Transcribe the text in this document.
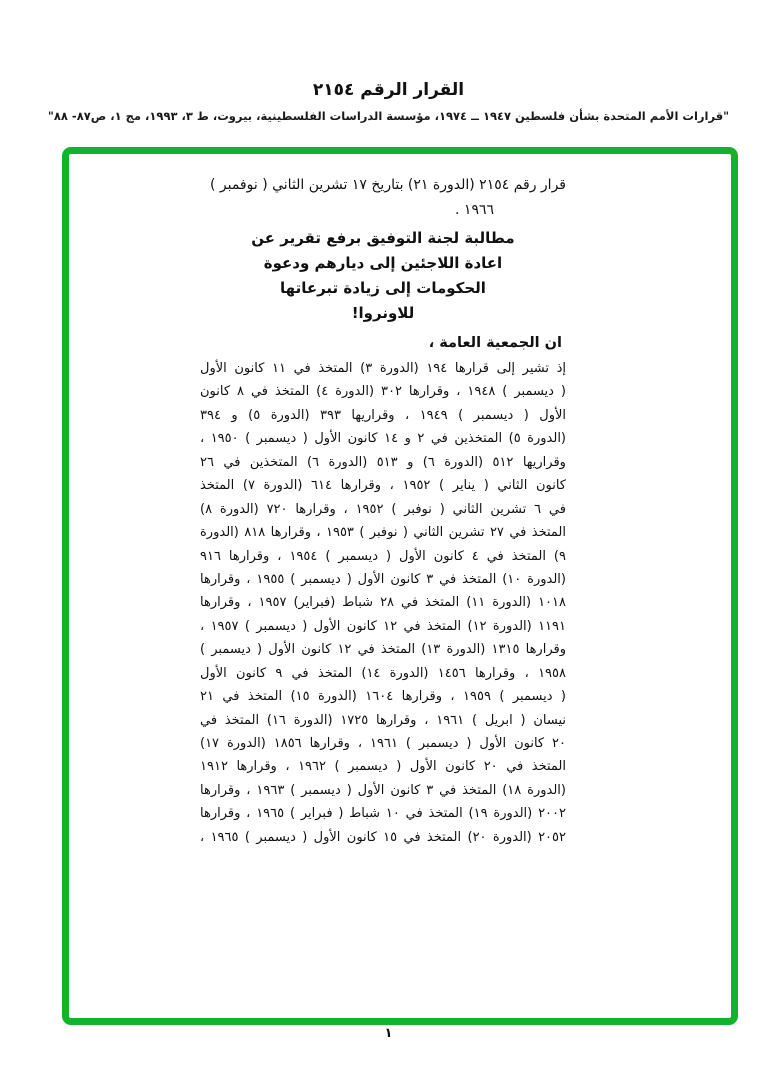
القرار الرقم ٢١٥٤
"قرارات الأمم المتحدة بشأن فلسطين ١٩٤٧ ــ ١٩٧٤، مؤسسة الدراسات الفلسطينية، بيروت، ط ٣، ١٩٩٣، مج ١، ص٨٧- ٨٨"
قرار رقم ٢١٥٤ (الدورة ٢١) بتاريخ ١٧ تشرين الثاني ( نوفمبر )
١٩٦٦ .
مطالبة لجنة التوفيق برفع تقرير عن
اعادة اللاجئين إلى ديارهم ودعوة
الحكومات إلى زيادة تبرعاتها
للاونروا!
ان الجمعية العامة ،
إذ تشير إلى قرارها ١٩٤ (الدورة ٣) المتخذ في ١١ كانون الأول
( ديسمبر ) ١٩٤٨ ، وقرارها ٣٠٢ (الدورة ٤) المتخذ في ٨ كانون
الأول ( ديسمبر ) ١٩٤٩ ، وقراريها ٣٩٣ (الدورة ٥) و ٣٩٤
(الدورة ٥) المتخذين في ٢ و ١٤ كانون الأول ( ديسمبر ) ١٩٥٠ ،
وقراريها ٥١٢ (الدورة ٦) و ٥١٣ (الدورة ٦) المتخذين في ٢٦
كانون الثاني ( يناير ) ١٩٥٢ ، وقرارها ٦١٤ (الدورة ٧) المتخذ
في ٦ تشرين الثاني ( نوفبر ) ١٩٥٢ ، وقرارها ٧٢٠ (الدورة ٨)
المتخذ في ٢٧ تشرين الثاني ( نوفبر ) ١٩٥٣ ، وقرارها ٨١٨ (الدورة
٩) المتخذ في ٤ كانون الأول ( ديسمبر ) ١٩٥٤ ، وقرارها ٩١٦
(الدورة ١٠) المتخذ في ٣ كانون الأول ( ديسمبر ) ١٩٥٥ ، وقرارها
١٠١٨ (الدورة ١١) المتخذ في ٢٨ شباط (فبراير) ١٩٥٧ ، وقرارها
١١٩١ (الدورة ١٢) المتخذ في ١٢ كانون الأول ( ديسمبر ) ١٩٥٧ ،
وقرارها ١٣١٥ (الدورة ١٣) المتخذ في ١٢ كانون الأول ( ديسمبر )
١٩٥٨ ، وقرارها ١٤٥٦ (الدورة ١٤) المتخذ في ٩ كانون الأول
( ديسمبر ) ١٩٥٩ ، وقرارها ١٦٠٤ (الدورة ١٥) المتخذ في ٢١
نيسان ( ابريل ) ١٩٦١ ، وقرارها ١٧٢٥ (الدورة ١٦) المتخذ في
٢٠ كانون الأول ( ديسمبر ) ١٩٦١ ، وقرارها ١٨٥٦ (الدورة ١٧)
المتخذ في ٢٠ كانون الأول ( ديسمبر ) ١٩٦٢ ، وقرارها ١٩١٢
(الدورة ١٨) المتخذ في ٣ كانون الأول ( ديسمبر ) ١٩٦٣ ، وقرارها
٢٠٠٢ (الدورة ١٩) المتخذ في ١٠ شباط ( فبراير ) ١٩٦٥ ، وقرارها
٢٠٥٢ (الدورة ٢٠) المتخذ في ١٥ كانون الأول ( ديسمبر ) ١٩٦٥ ،
١
